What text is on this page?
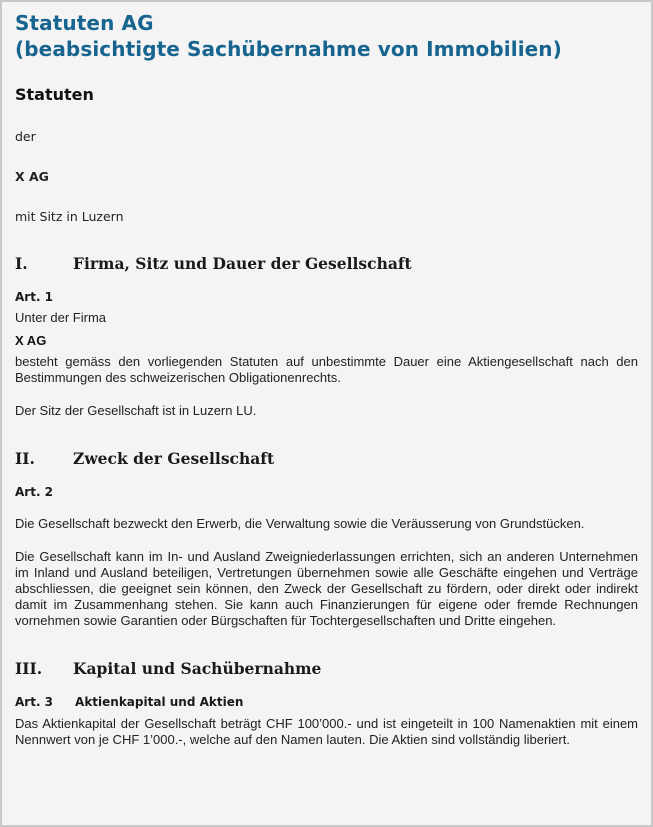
Statuten AG
(beabsichtigte Sachübernahme von Immobilien)
Statuten
der
X AG
mit Sitz in Luzern
I.	Firma, Sitz und Dauer der Gesellschaft
Art. 1
Unter der Firma
X AG
besteht gemäss den vorliegenden Statuten auf unbestimmte Dauer eine Aktiengesellschaft nach den Bestimmungen des schweizerischen Obligationenrechts.
Der Sitz der Gesellschaft ist in Luzern LU.
II.	Zweck der Gesellschaft
Art. 2
Die Gesellschaft bezweckt den Erwerb, die Verwaltung sowie die Veräusserung von Grundstücken.
Die Gesellschaft kann im In- und Ausland Zweigniederlassungen errichten, sich an anderen Unternehmen im Inland und Ausland beteiligen, Vertretungen übernehmen sowie alle Geschäfte eingehen und Verträge abschliessen, die geeignet sein können, den Zweck der Gesellschaft zu fördern, oder direkt oder indirekt damit im Zusammenhang stehen. Sie kann auch Finanzierungen für eigene oder fremde Rechnungen vornehmen sowie Garantien oder Bürgschaften für Tochtergesellschaften und Dritte eingehen.
III.	Kapital und Sachübernahme
Art. 3 Aktienkapital und Aktien
Das Aktienkapital der Gesellschaft beträgt CHF 100’000.- und ist eingeteilt in 100 Namenaktien mit einem Nennwert von je CHF 1’000.-, welche auf den Namen lauten. Die Aktien sind vollständig liberiert.
